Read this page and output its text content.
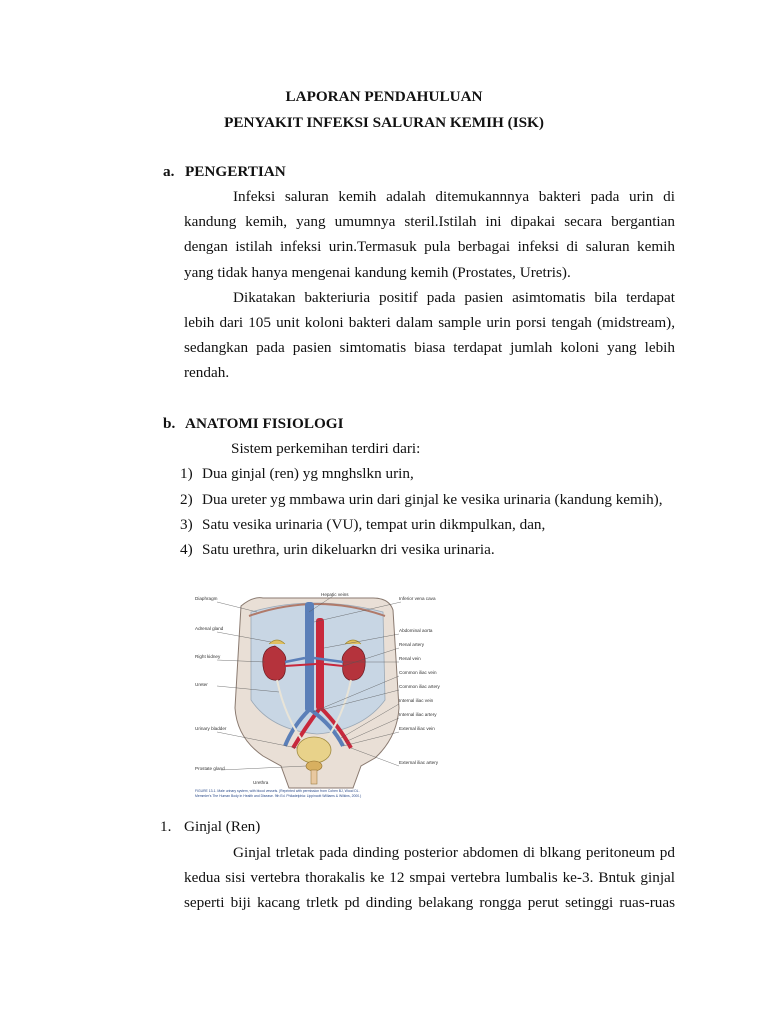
LAPORAN PENDAHULUAN
PENYAKIT INFEKSI SALURAN KEMIH (ISK)
a. PENGERTIAN
Infeksi saluran kemih adalah ditemukannnya bakteri pada urin di
kandung kemih, yang umumnya steril.Istilah ini dipakai secara bergantian
dengan istilah infeksi urin.Termasuk pula berbagai infeksi di saluran kemih
yang tidak hanya mengenai kandung kemih (Prostates, Uretris).
Dikatakan bakteriuria positif pada pasien asimtomatis bila terdapat
lebih dari 105 unit koloni bakteri dalam sample urin porsi tengah (midstream),
sedangkan pada pasien simtomatis biasa terdapat jumlah koloni yang lebih
rendah.
b. ANATOMI FISIOLOGI
Sistem perkemihan terdiri dari:
1) Dua ginjal (ren) yg mnghslkn urin,
2) Dua ureter yg mmbawa urin dari ginjal ke vesika urinaria (kandung kemih),
3) Satu vesika urinaria (VU), tempat urin dikmpulkan, dan,
4) Satu urethra, urin dikeluarkn dri vesika urinaria.
Diaphragm
Adrenal gland
Right kidney
Ureter
Urinary bladder
Prostate gland
Urethra
Hepatic veins
Inferior vena cava
Abdominal aorta
Renal artery
Renal vein
Common iliac vein
Common iliac artery
Internal iliac vein
Internal iliac artery
External iliac vein
External iliac artery
FIGURE 13-1. Male urinary system, with blood vessels. (Reprinted with permission from Cohen BJ, Wood DL.
Memmler's The Human Body in Health and Disease. 9th Ed. Philadelphia: Lippincott Williams & Wilkins, 2000.)
1. Ginjal (Ren)
Ginjal trletak pada dinding posterior abdomen di blkang peritoneum pd
kedua sisi vertebra thorakalis ke 12 smpai vertebra lumbalis ke-3. Bntuk ginjal
seperti biji kacang trletk pd dinding belakang rongga perut setinggi ruas-ruas
